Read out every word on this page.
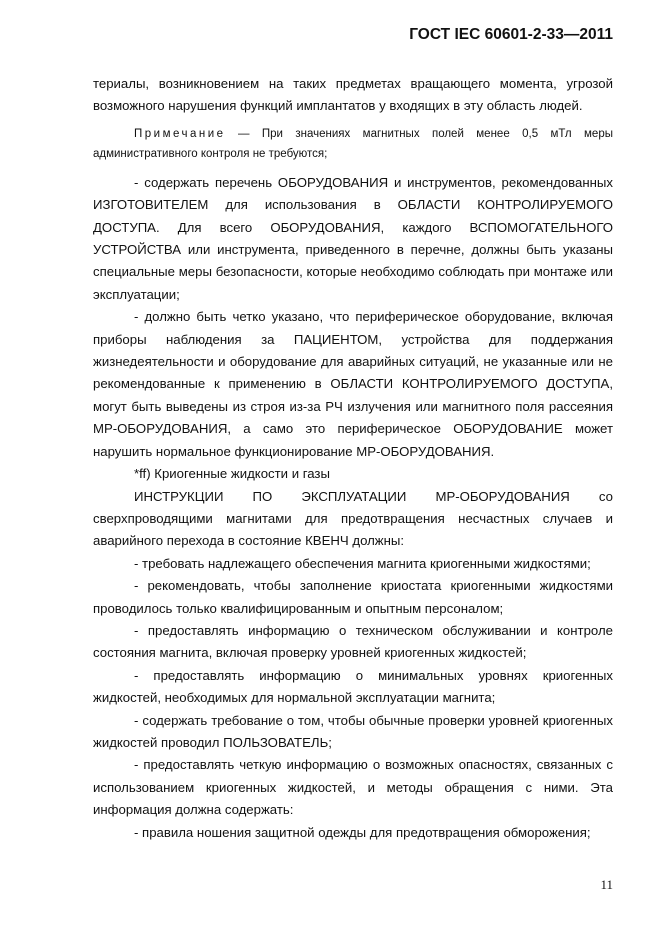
ГОСТ IEC 60601-2-33—2011

териалы, возникновением на таких предметах вращающего момента, угрозой возможного нарушения функций имплантатов у входящих в эту область людей.

Примечание — При значениях магнитных полей менее 0,5 мТл меры административного контроля не требуются;

- содержать перечень ОБОРУДОВАНИЯ и инструментов, рекомендованных ИЗГОТОВИТЕЛЕМ для использования в ОБЛАСТИ КОНТРОЛИРУЕМОГО ДОСТУПА. Для всего ОБОРУДОВАНИЯ, каждого ВСПОМОГАТЕЛЬНОГО УСТРОЙСТВА или инструмента, приведенного в перечне, должны быть указаны специальные меры безопасности, которые необходимо соблюдать при монтаже или эксплуатации;

- должно быть четко указано, что периферическое оборудование, включая приборы наблюдения за ПАЦИЕНТОМ, устройства для поддержания жизнедеятельности и оборудование для аварийных ситуаций, не указанные или не рекомендованные к применению в ОБЛАСТИ КОНТРОЛИРУЕМОГО ДОСТУПА, могут быть выведены из строя из-за РЧ излучения или магнитного поля рассеяния МР-ОБОРУДОВАНИЯ, а само это периферическое ОБОРУДОВАНИЕ может нарушить нормальное функционирование МР-ОБОРУДОВАНИЯ.

*ff) Криогенные жидкости и газы

ИНСТРУКЦИИ ПО ЭКСПЛУАТАЦИИ МР-ОБОРУДОВАНИЯ со сверхпроводящими магнитами для предотвращения несчастных случаев и аварийного перехода в состояние КВЕНЧ должны:

- требовать надлежащего обеспечения магнита криогенными жидкостями;

- рекомендовать, чтобы заполнение криостата криогенными жидкостями проводилось только квалифицированным и опытным персоналом;

- предоставлять информацию о техническом обслуживании и контроле состояния магнита, включая проверку уровней криогенных жидкостей;

- предоставлять информацию о минимальных уровнях криогенных жидкостей, необходимых для нормальной эксплуатации магнита;

- содержать требование о том, чтобы обычные проверки уровней криогенных жидкостей проводил ПОЛЬЗОВАТЕЛЬ;

- предоставлять четкую информацию о возможных опасностях, связанных с использованием криогенных жидкостей, и методы обращения с ними. Эта информация должна содержать:

- правила ношения защитной одежды для предотвращения обморожения;

11
